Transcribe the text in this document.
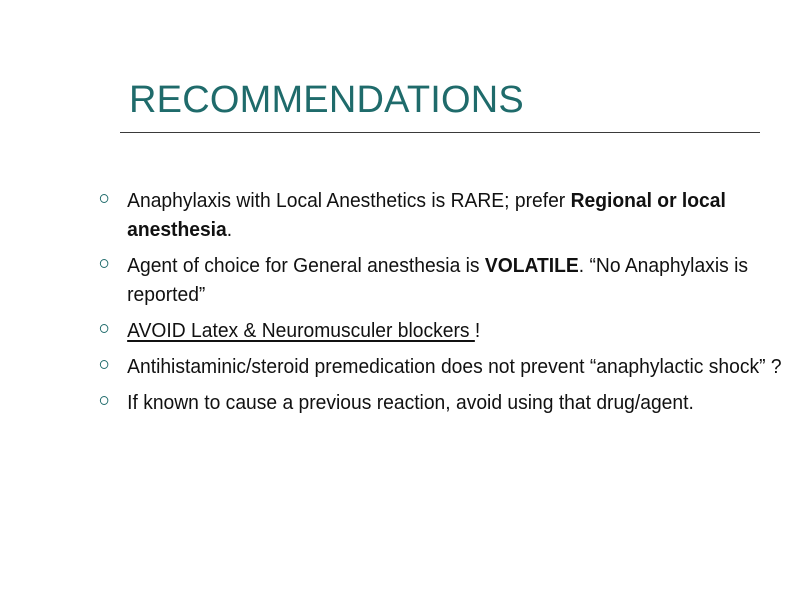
RECOMMENDATIONS
Anaphylaxis with Local Anesthetics is RARE; prefer Regional or local anesthesia.
Agent of choice for General anesthesia is VOLATILE. “No Anaphylaxis is reported”
AVOID Latex & Neuromusculer blockers !
Antihistaminic/steroid premedication does not prevent “anaphylactic shock” ?
If known to cause a previous reaction, avoid using that drug/agent.
